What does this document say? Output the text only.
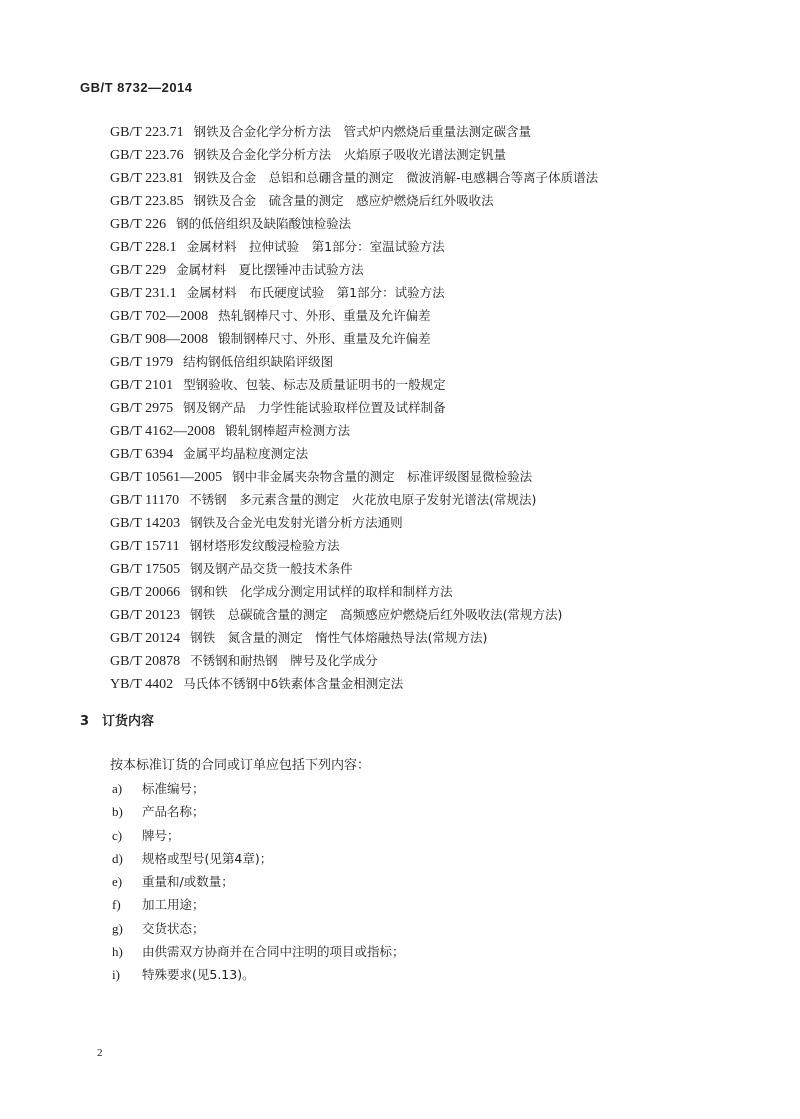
GB/T 8732—2014
GB/T 223.71 钢铁及合金化学分析方法　管式炉内燃烧后重量法测定碳含量
GB/T 223.76 钢铁及合金化学分析方法　火焰原子吸收光谱法测定钒量
GB/T 223.81 钢铁及合金　总铝和总硼含量的测定　微波消解-电感耦合等离子体质谱法
GB/T 223.85 钢铁及合金　硫含量的测定　感应炉燃烧后红外吸收法
GB/T 226 钢的低倍组织及缺陷酸蚀检验法
GB/T 228.1 金属材料　拉伸试验　第1部分：室温试验方法
GB/T 229 金属材料　夏比摆锤冲击试验方法
GB/T 231.1 金属材料　布氏硬度试验　第1部分：试验方法
GB/T 702—2008 热轧钢棒尺寸、外形、重量及允许偏差
GB/T 908—2008 锻制钢棒尺寸、外形、重量及允许偏差
GB/T 1979 结构钢低倍组织缺陷评级图
GB/T 2101 型钢验收、包装、标志及质量证明书的一般规定
GB/T 2975 钢及钢产品　力学性能试验取样位置及试样制备
GB/T 4162—2008 锻轧钢棒超声检测方法
GB/T 6394 金属平均晶粒度测定法
GB/T 10561—2005 钢中非金属夹杂物含量的测定　标准评级图显微检验法
GB/T 11170 不锈钢　多元素含量的测定　火花放电原子发射光谱法(常规法)
GB/T 14203 钢铁及合金光电发射光谱分析方法通则
GB/T 15711 钢材塔形发纹酸浸检验方法
GB/T 17505 钢及钢产品交货一般技术条件
GB/T 20066 钢和铁　化学成分测定用试样的取样和制样方法
GB/T 20123 钢铁　总碳硫含量的测定　高频感应炉燃烧后红外吸收法(常规方法)
GB/T 20124 钢铁　氮含量的测定　惰性气体熔融热导法(常规方法)
GB/T 20878 不锈钢和耐热钢　牌号及化学成分
YB/T 4402 马氏体不锈钢中δ铁素体含量金相测定法
3 订货内容
按本标准订货的合同或订单应包括下列内容：
a) 标准编号；
b) 产品名称；
c) 牌号；
d) 规格或型号(见第4章)；
e) 重量和/或数量；
f) 加工用途；
g) 交货状态；
h) 由供需双方协商并在合同中注明的项目或指标；
i) 特殊要求(见5.13)。
2
